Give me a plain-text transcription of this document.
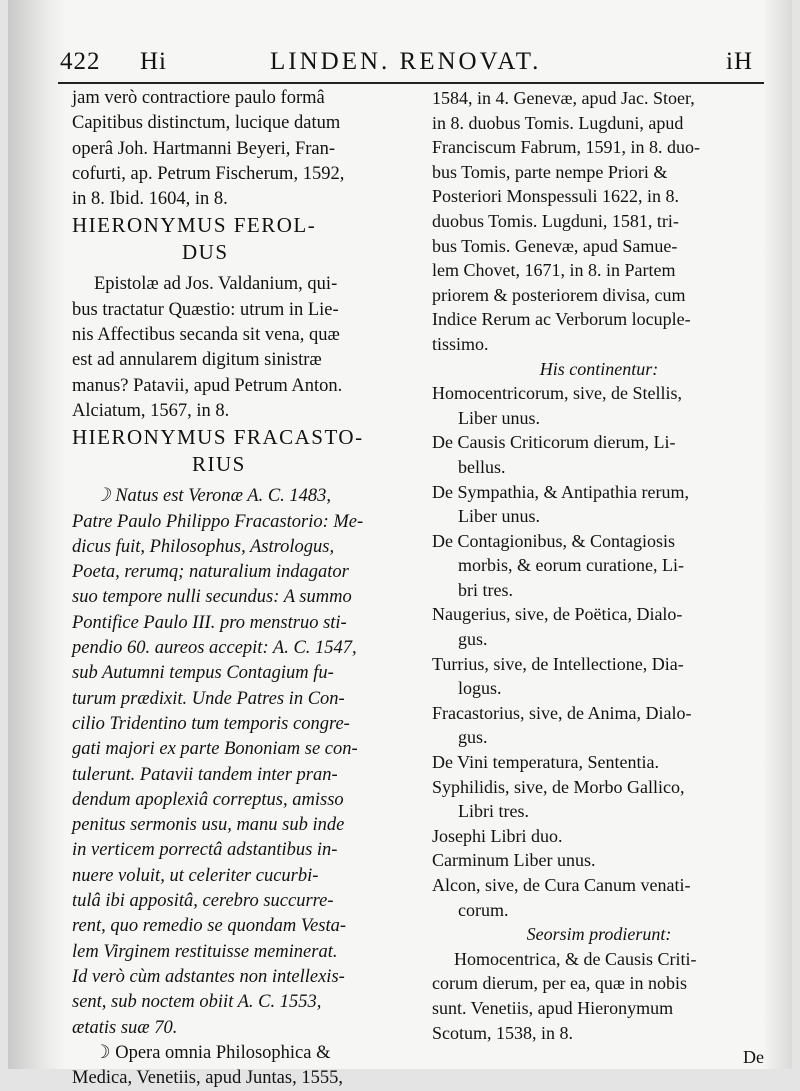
422 Hi	LINDEN. RENOVAT.	iH
jam verò contractiore paulo formâ
Capitibus distinctum, lucique datum
operâ Joh. Hartmanni Beyeri, Fran-
cofurti, ap. Petrum Fischerum, 1592,
in 8. Ibid. 1604, in 8.
HIERONYMUS FEROL-
DUS
Epistolæ ad Jos. Valdanium, qui-
bus tractatur Quæstio: utrum in Lie-
nis Affectibus secanda sit vena, quæ
est ad annularem digitum sinistræ
manus? Patavii, apud Petrum Anton.
Alciatum, 1567, in 8.
HIERONYMUS FRACASTO-
RIUS
☽ Natus est Veronæ A. C. 1483,
Patre Paulo Philippo Fracastorio: Me-
dicus fuit, Philosophus, Astrologus,
Poeta, rerumq; naturalium indagator
suo tempore nulli secundus: A summo
Pontifice Paulo III. pro menstruo sti-
pendio 60. aureos accepit: A. C. 1547,
sub Autumni tempus Contagium fu-
turum prædixit. Unde Patres in Con-
cilio Tridentino tum temporis congre-
gati majori ex parte Bononiam se con-
tulerunt. Patavii tandem inter pran-
dendum apoplexiâ correptus, amisso
penitus sermonis usu, manu sub inde
in verticem porrectâ adstantibus in-
nuere voluit, ut celeriter cucurbi-
tulâ ibi appositâ, cerebro succurre-
rent, quo remedio se quondam Vesta-
lem Virginem restituisse meminerat.
Id verò cùm adstantes non intellexis-
sent, sub noctem obiit A. C. 1553,
ætatis suæ 70.
☽ Opera omnia Philosophica &
Medica, Venetiis, apud Juntas, 1555,
1584, in 4. Genevæ, apud Jac. Stoer,
in 8. duobus Tomis. Lugduni, apud
Franciscum Fabrum, 1591, in 8. duo-
bus Tomis, parte nempe Priori &
Posteriori Monspessuli 1622, in 8.
duobus Tomis. Lugduni, 1581, tri-
bus Tomis. Genevæ, apud Samue-
lem Chovet, 1671, in 8. in Partem
priorem & posteriorem divisa, cum
Indice Rerum ac Verborum locuple-
tissimo.
His continentur:
Homocentricorum, sive, de Stellis,
Liber unus.
De Causis Criticorum dierum, Li-
bellus.
De Sympathia, & Antipathia rerum,
Liber unus.
De Contagionibus, & Contagiosis
morbis, & eorum curatione, Li-
bri tres.
Naugerius, sive, de Poëtica, Dialo-
gus.
Turrius, sive, de Intellectione, Dia-
logus.
Fracastorius, sive, de Anima, Dialo-
gus.
De Vini temperatura, Sententia.
Syphilidis, sive, de Morbo Gallico,
Libri tres.
Josephi Libri duo.
Carminum Liber unus.
Alcon, sive, de Cura Canum venati-
corum.
Seorsim prodierunt:
Homocentrica, & de Causis Criti-
corum dierum, per ea, quæ in nobis
sunt. Venetiis, apud Hieronymum
Scotum, 1538, in 8.
De
